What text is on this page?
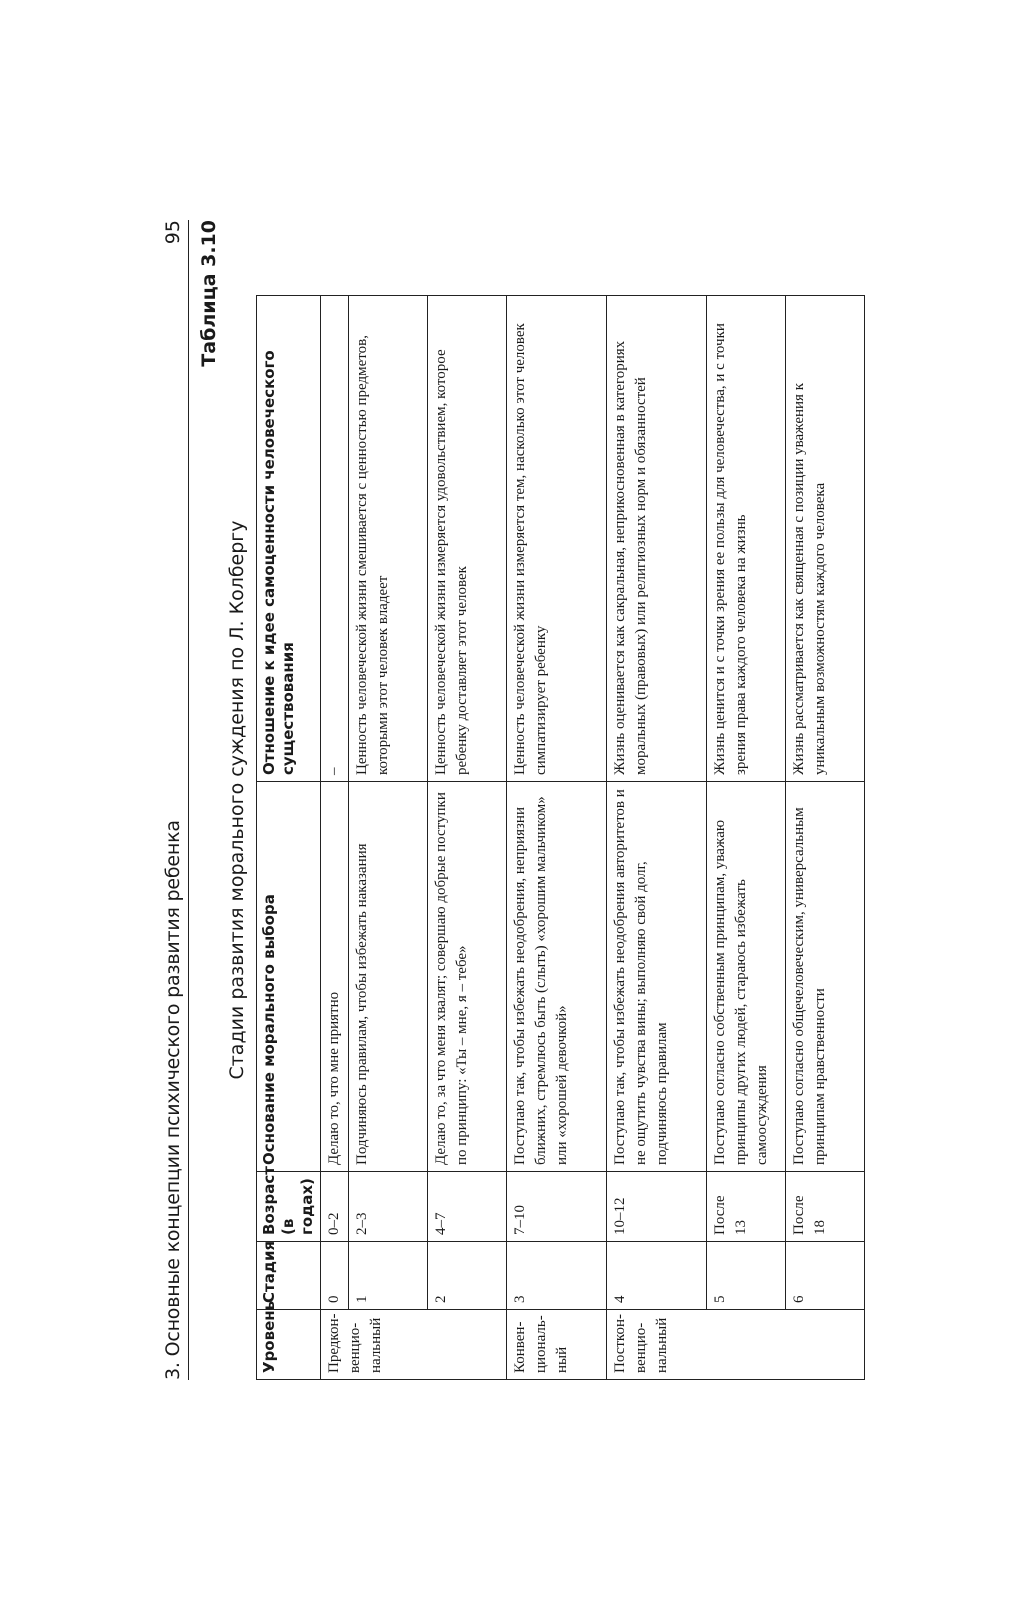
3. Основные концепции психического развития ребенка
95 Таблица 3.10
Стадии развития морального суждения по Л. Колбергу
Уровень	Стадия	Возраст (в годах)	Основание морального выбора	Отношение к идее самоценности человеческого существования
Предкон-венцио-нальный	0	0–2	Делаю то, что мне приятно	–
	1	2–3	Подчиняюсь правилам, чтобы избежать наказания	Ценность человеческой жизни смешивается с ценностью предметов, которыми этот человек владеет
	2	4–7	Делаю то, за что меня хвалят; совершаю добрые поступки по принципу: «Ты – мне, я – тебе»	Ценность человеческой жизни измеряется удовольствием, которое ребенку доставляет этот человек
Конвен-циональ-ный	3	7–10	Поступаю так, чтобы избежать неодобрения, неприязни ближних, стремлюсь быть (слыть) «хорошим мальчиком» или «хорошей девочкой»	Ценность человеческой жизни измеряется тем, насколько этот человек симпатизирует ребенку
Посткон-венцио-нальный	4	10–12	Поступаю так, чтобы избежать неодобрения авторитетов и не ощутить чувства вины; выполняю свой долг, подчиняюсь правилам	Жизнь оценивается как сакральная, неприкосновенная в категориях моральных (правовых) или религиозных норм и обязанностей
	5	После 13	Поступаю согласно собственным принципам, уважаю принципы других людей, стараюсь избежать самоосуждения	Жизнь ценится и с точки зрения ее пользы для человечества, и с точки зрения права каждого человека на жизнь
	6	После 18	Поступаю согласно общечеловеческим, универсальным принципам нравственности	Жизнь рассматривается как священная с позиции уважения к уникальным возможностям каждого человека
